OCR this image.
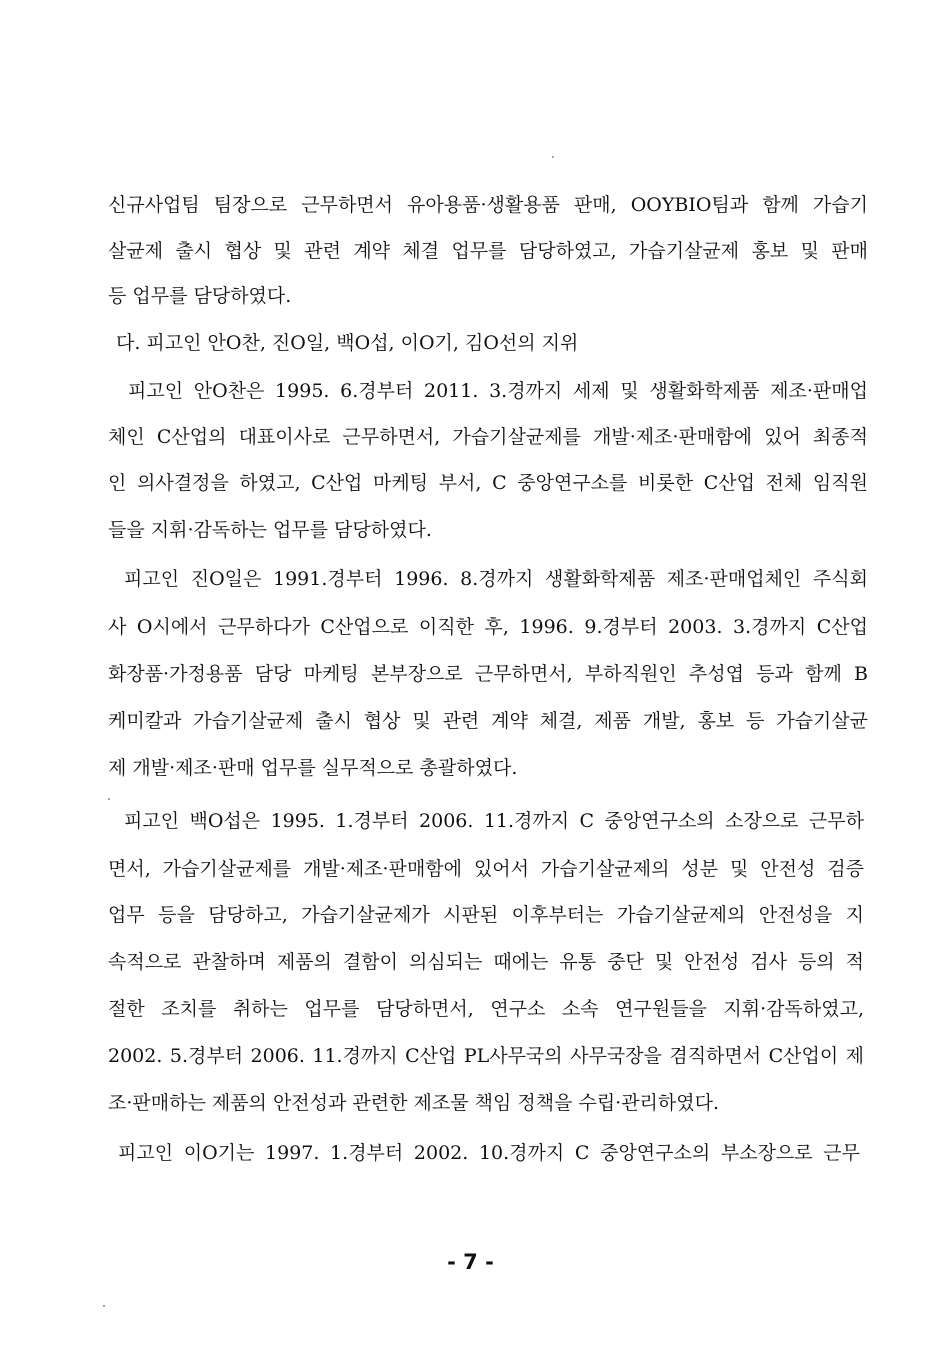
신규사업팀 팀장으로 근무하면서 유아용품·생활용품 판매, OOYBIO팀과 함께 가습기
살균제 출시 협상 및 관련 계약 체결 업무를 담당하였고, 가습기살균제 홍보 및 판매
등 업무를 담당하였다.
다. 피고인 안O찬, 진O일, 백O섭, 이O기, 김O선의 지위
피고인 안O찬은 1995. 6.경부터 2011. 3.경까지 세제 및 생활화학제품 제조·판매업
체인 C산업의 대표이사로 근무하면서, 가습기살균제를 개발·제조·판매함에 있어 최종적
인 의사결정을 하였고, C산업 마케팅 부서, C 중앙연구소를 비롯한 C산업 전체 임직원
들을 지휘·감독하는 업무를 담당하였다.
피고인 진O일은 1991.경부터 1996. 8.경까지 생활화학제품 제조·판매업체인 주식회
사 O시에서 근무하다가 C산업으로 이직한 후, 1996. 9.경부터 2003. 3.경까지 C산업
화장품·가정용품 담당 마케팅 본부장으로 근무하면서, 부하직원인 추성엽 등과 함께 B
케미칼과 가습기살균제 출시 협상 및 관련 계약 체결, 제품 개발, 홍보 등 가습기살균
제 개발·제조·판매 업무를 실무적으로 총괄하였다.
피고인 백O섭은 1995. 1.경부터 2006. 11.경까지 C 중앙연구소의 소장으로 근무하
면서, 가습기살균제를 개발·제조·판매함에 있어서 가습기살균제의 성분 및 안전성 검증
업무 등을 담당하고, 가습기살균제가 시판된 이후부터는 가습기살균제의 안전성을 지
속적으로 관찰하며 제품의 결함이 의심되는 때에는 유통 중단 및 안전성 검사 등의 적
절한 조치를 취하는 업무를 담당하면서, 연구소 소속 연구원들을 지휘·감독하였고,
2002. 5.경부터 2006. 11.경까지 C산업 PL사무국의 사무국장을 겸직하면서 C산업이 제
조·판매하는 제품의 안전성과 관련한 제조물 책임 정책을 수립·관리하였다.
피고인 이O기는 1997. 1.경부터 2002. 10.경까지 C 중앙연구소의 부소장으로 근무
- 7 -
